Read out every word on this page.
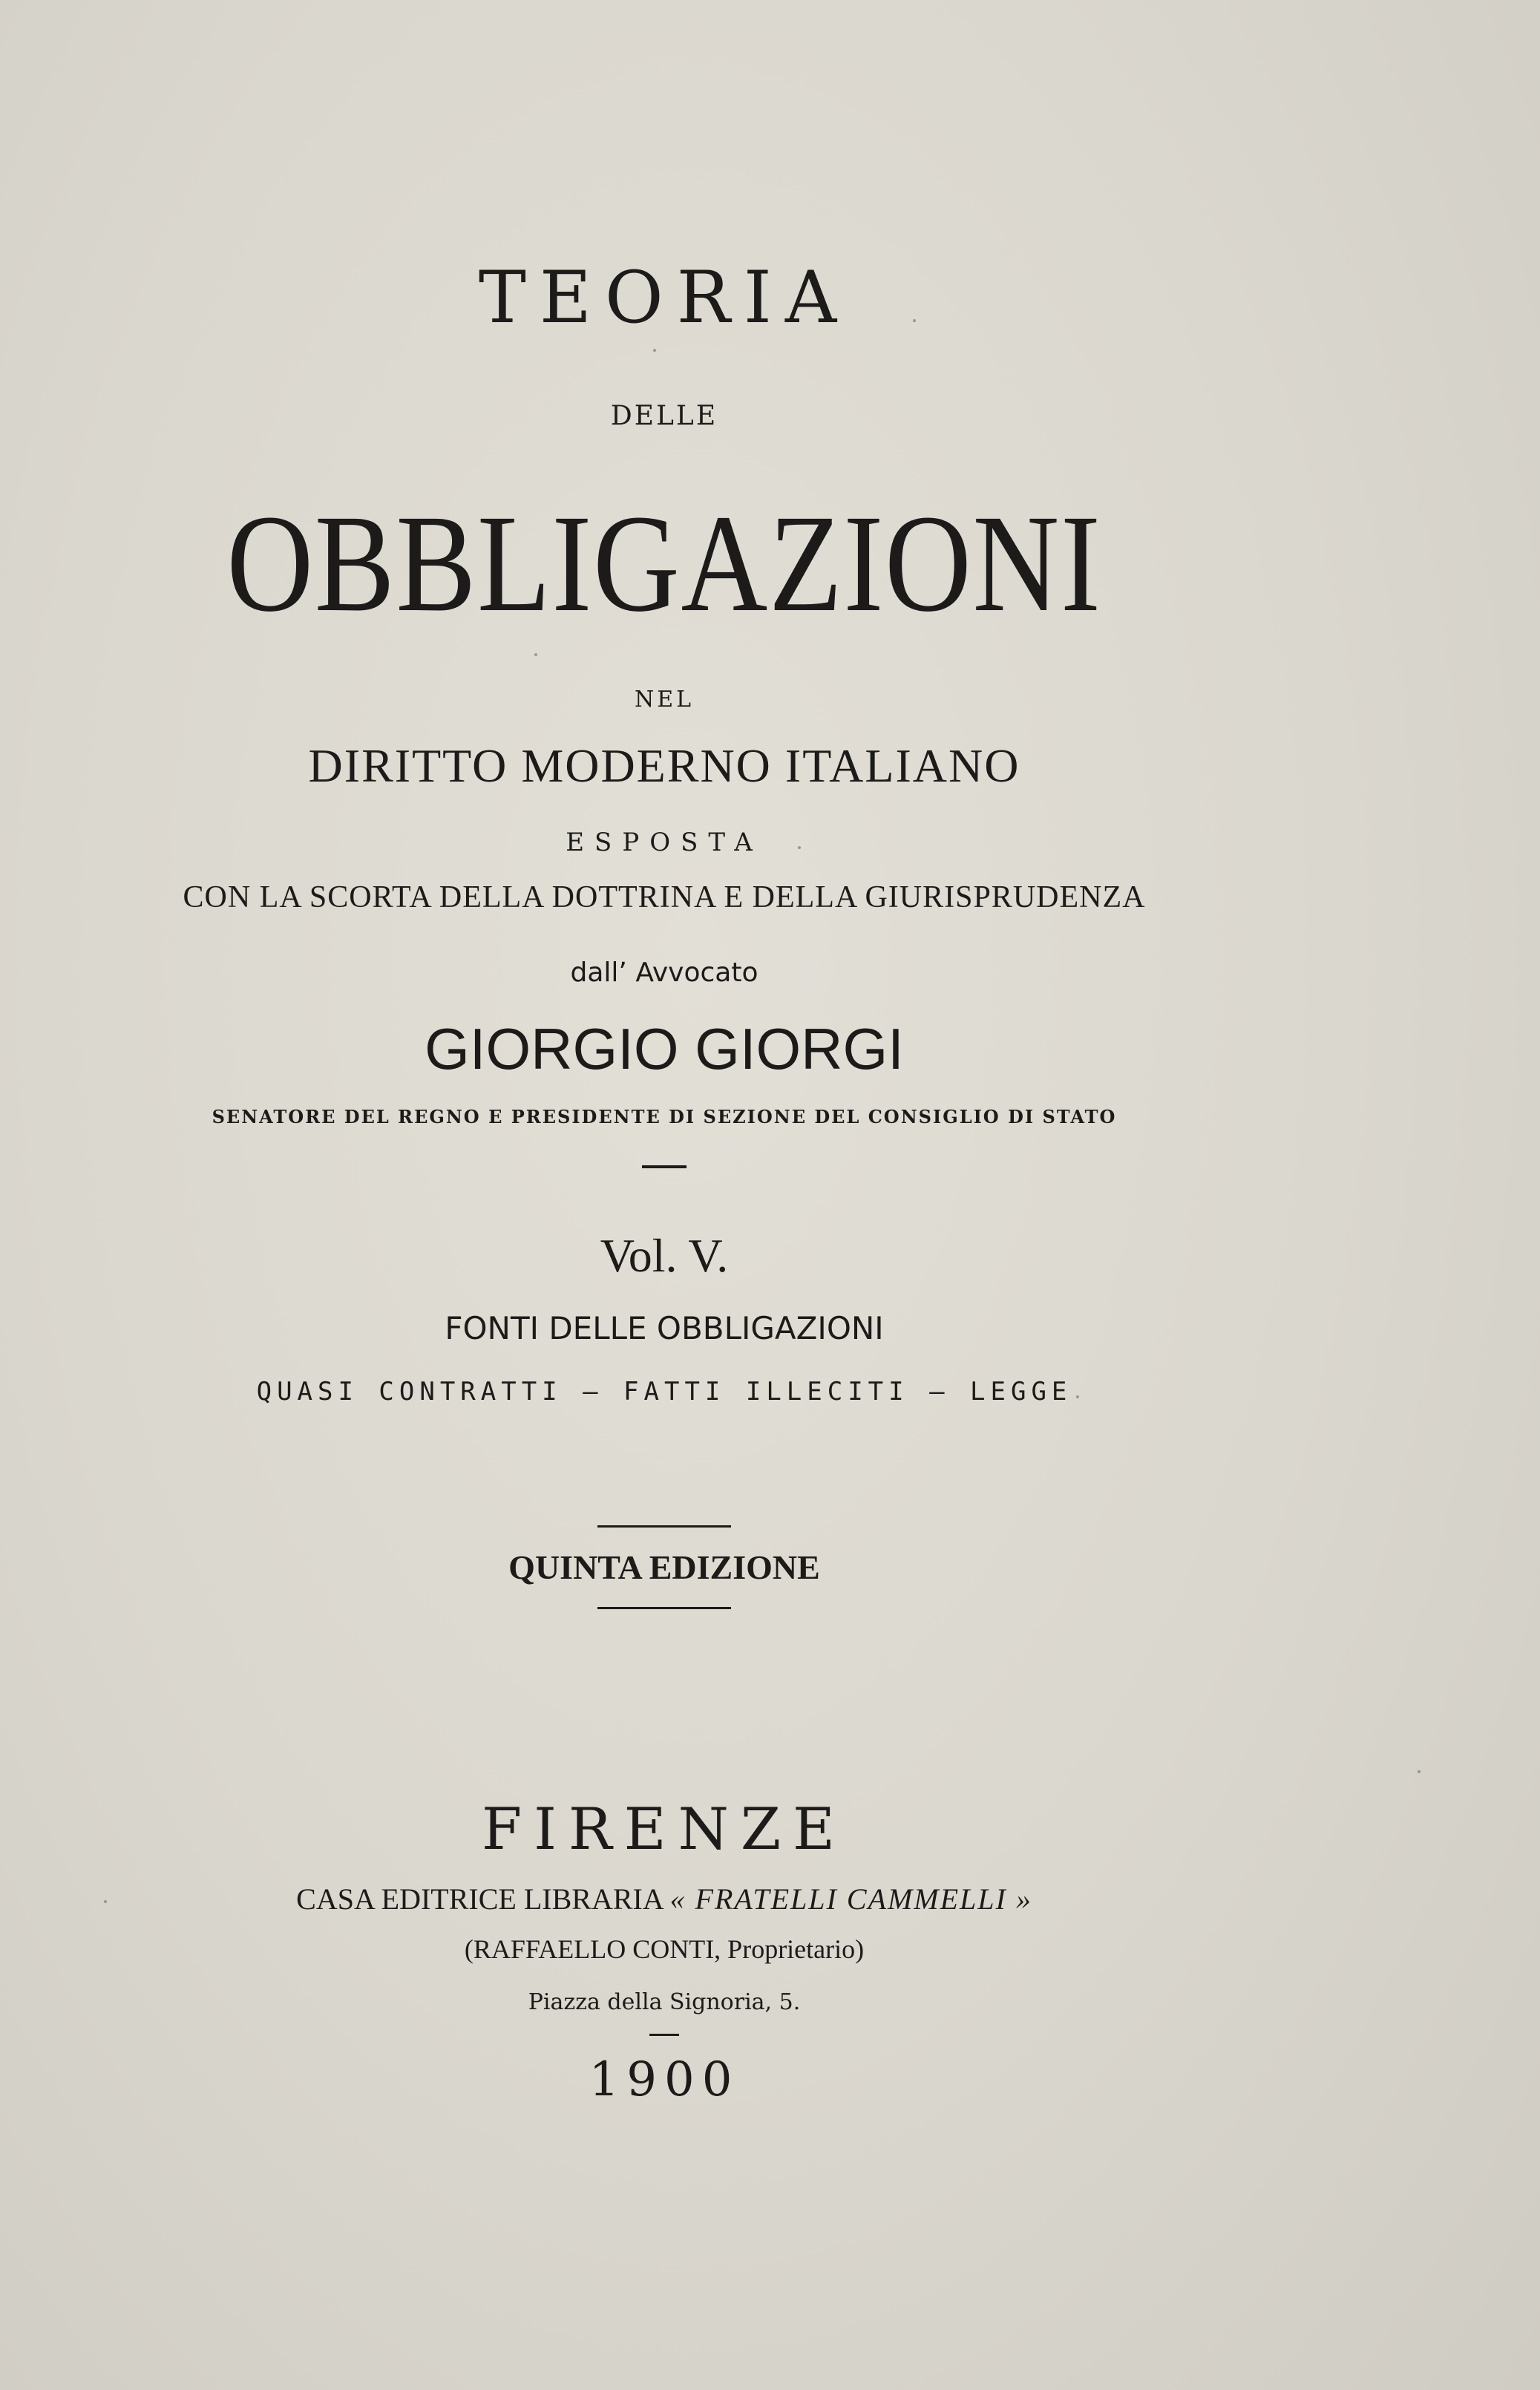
TEORIA
DELLE
OBBLIGAZIONI
NEL
DIRITTO MODERNO ITALIANO
ESPOSTA
CON LA SCORTA DELLA DOTTRINA E DELLA GIURISPRUDENZA
dall’ Avvocato
GIORGIO GIORGI
SENATORE DEL REGNO E PRESIDENTE DI SEZIONE DEL CONSIGLIO DI STATO
Vol. V.
FONTI DELLE OBBLIGAZIONI
QUASI CONTRATTI — FATTI ILLECITI — LEGGE
QUINTA EDIZIONE
FIRENZE
CASA EDITRICE LIBRARIA « FRATELLI CAMMELLI »
(RAFFAELLO CONTI, Proprietario)
Piazza della Signoria, 5.
1900
